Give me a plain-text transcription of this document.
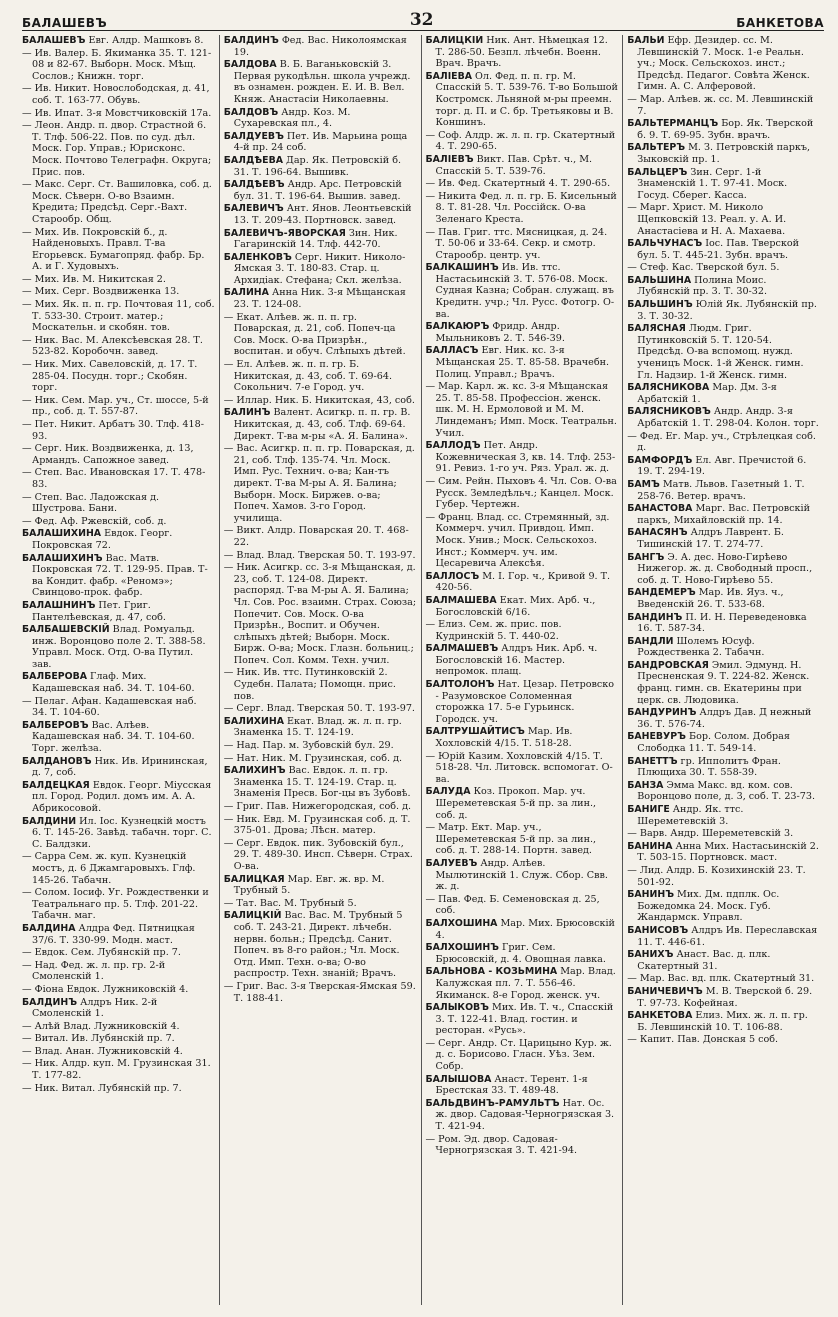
БАЛАШЕВЪ	32	БАНКЕТОВА
БАЛАШЕВЪ Евг. Алдр. Машковъ 8.
— Ив. Валер. Б. Якиманка 35. Т. 121-08 и 82-67. Выборн. Моск. Мѣщ. Сослов.; Книжн. торг.
— Ив. Никит. Новослободская, д. 41, соб. Т. 163-77. Обувь.
— Ив. Ипат. 3-я Мовстчиковскій 17а.
— Леон. Андр. п. двор. Страстной 6. Т. Тлф. 506-22. Пов. по суд. дѣл. Моск. Гор. Управ.; Юрисконс. Моск. Почтово Телеграфн. Округа; Прис. пов.
— Макс. Серг. Ст. Вашиловка, соб. д. Моск. Сѣверн. О-во Взаимн. Кредита; Предсѣд. Серг.-Вахт. Старообр. Общ.
— Мих. Ив. Покровскій б., д. Найденовыхъ. Правл. Т-ва Егорьевск. Бумагопряд. фабр. Бр. А. и Г. Худовыхъ.
— Мих. Ив. М. Никитская 2.
— Мих. Серг. Воздвиженка 13.
— Мих. Як. п. п. гр. Почтовая 11, соб. Т. 533-30. Строит. матер.; Москательн. и скобян. тов.
— Ник. Вас. М. Алексѣевская 28. Т. 523-82. Коробочн. завед.
— Ник. Мих. Савеловскій, д. 17. Т. 285-04. Посудн. торг.; Скобян. торг.
— Ник. Сем. Мар. уч., Ст. шоссе, 5-й пр., соб. д. Т. 557-87.
— Пет. Никит. Арбатъ 30. Тлф. 418-93.
— Серг. Ник. Воздвиженка, д. 13, Армандъ. Сапожное завед.
— Степ. Вас. Ивановская 17. Т. 478-83.
— Степ. Вас. Ладожская д. Шустрова. Бани.
— Фед. Аф. Ржевскій, соб. д.
БАЛАШИХИНА Евдок. Георг. Покровская 72.
БАЛАШИХИНЪ Вас. Матв. Покровская 72. Т. 129-95. Прав. Т-ва Кондит. фабр. «Реномэ»; Свинцово-прок. фабр.
БАЛАШНИНЪ Пет. Григ. Пантелѣевская, д. 47, соб.
БАЛБАШЕВСКІЙ Влад. Ромуальд. инж. Воронцово поле 2. Т. 388-58. Управл. Моск. Отд. О-ва Путил. зав.
БАЛБЕРОВА Глаф. Мих. Кадашевская наб. 34. Т. 104-60.
— Пелаг. Афан. Кадашевская наб. 34. Т. 104-60.
БАЛБЕРОВЪ Вас. Алѣев. Кадашевская наб. 34. Т. 104-60. Торг. желѣза.
БАЛДАНОВЪ Ник. Ив. Ирининская, д. 7, соб.
БАЛДЕЦКАЯ Евдок. Георг. Міусская пл. Город. Родил. домъ им. А. А. Абрикосовой.
БАЛДИНИ Ил. Іос. Кузнецкій мостъ 6. Т. 145-26. Завѣд. табачн. торг. С. С. Балдзки.
— Сарра Сем. ж. куп. Кузнецкій мостъ, д. 6 Джамгаровыхъ. Глф. 145-26. Табачн.
— Солом. Іосиф. Уг. Рождественки и Театральнаго пр. 5. Тлф. 201-22. Табачн. маг.
БАЛДИНА Алдра Фед. Пятницкая 37/6. Т. 330-99. Модн. маст.
— Евдок. Сем. Лубянскій пр. 7.
— Над. Фед. ж. л. пр. гр. 2-й Смоленскій 1.
— Фіона Евдок. Лужниковскій 4.
БАЛДИНЪ Алдръ Ник. 2-й Смоленскій 1.
— Алѣй Влад. Лужниковскій 4.
— Витал. Ив. Лубянскій пр. 7.
— Влад. Анан. Лужниковскій 4.
— Ник. Алдр. куп. М. Грузинская 31. Т. 177-82.
— Ник. Витал. Лубянскій пр. 7.
БАЛДИНЪ Фед. Вас. Николоямская 19.
БАЛДОВА В. Б. Ваганьковскій 3. Первая рукодѣльн. школа учрежд. въ ознамен. рожден. Е. И. В. Вел. Княж. Анастасіи Николаевны.
БАЛДОВЪ Андр. Коз. М. Сухаревская пл., 4.
БАЛДУЕВЪ Пет. Ив. Марьина роща 4-й пр. 24 соб.
БАЛДѢЕВА Дар. Як. Петровскій б. 31. Т. 196-64. Вышивк.
БАЛДѢЕВЪ Андр. Арс. Петровскій бул. 31. Т. 196-64. Вышив. завед.
БАЛЕВИЧЪ Ант. Янов. Леонтьевскій 13. Т. 209-43. Портновск. завед.
БАЛЕВИЧЪ-ЯВОРСКАЯ Зин. Ник. Гагаринскій 14. Тлф. 442-70.
БАЛЕНКОВЪ Серг. Никит. Николо-Ямская 3. Т. 180-83. Стар. ц. Архидіак. Стефана; Скл. желѣза.
БАЛИНА Анна Ник. 3-я Мѣщанская 23. Т. 124-08.
— Екат. Алѣев. ж. п. п. гр. Поварская, д. 21, соб. Попеч-ца Сов. Моск. О-ва Призрѣн., воспитан. и обуч. Слѣпыхъ дѣтей.
— Ел. Алѣев. ж. п. п. гр. Б. Никитская, д. 43, соб. Т. 69-64. Сокольнич. 7-е Город. уч.
— Иллар. Ник. Б. Никитская, 43, соб.
БАЛИНЪ Валент. Асигкр. п. п. гр. В. Никитская, д. 43, соб. Тлф. 69-64. Директ. Т-ва м-ры «А. Я. Балина».
— Вас. Асигкр. п. п. гр. Поварская, д. 21, соб. Тлф. 135-74. Чл. Моск. Имп. Рус. Технич. о-ва; Кан-тъ директ. Т-ва М-ры А. Я. Балина; Выборн. Моск. Биржев. о-ва; Попеч. Хамов. 3-го Город. училища.
— Викт. Алдр. Поварская 20. Т. 468-22.
— Влад. Влад. Тверская 50. Т. 193-97.
— Ник. Асигкр. сс. 3-я Мѣщанская, д. 23, соб. Т. 124-08. Директ. распоряд. Т-ва М-ры А. Я. Балина; Чл. Сов. Рос. взаимн. Страх. Союза; Попечит. Сов. Моск. О-ва Призрѣн., Воспит. и Обучен. слѣпыхъ дѣтей; Выборн. Моск. Бирж. О-ва; Моск. Глазн. больниц.; Попеч. Сол. Комм. Техн. учил.
— Ник. Ив. ттс. Путинковскій 2. Судебн. Палата; Помощн. прис. пов.
— Серг. Влад. Тверская 50. Т. 193-97.
БАЛИХИНА Екат. Влад. ж. л. п. гр. Знаменка 15. Т. 124-19.
— Над. Пар. м. Зубовскій бул. 29.
— Нат. Ник. М. Грузинская, соб. д.
БАЛИХИНЪ Вас. Евдок. л. п. гр. Знаменка 15. Т. 124-19. Стар. ц. Знаменія Пресв. Бог-цы въ Зубовѣ.
— Григ. Пав. Нижегородская, соб. д.
— Ник. Евд. М. Грузинская соб. д. Т. 375-01. Дрова; Лѣсн. матер.
— Серг. Евдок. пик. Зубовскій бул., 29. Т. 489-30. Инсп. Сѣверн. Страх. О-ва.
БАЛИЦКАЯ Мар. Евг. ж. вр. М. Трубный 5.
— Тат. Вас. М. Трубный 5.
БАЛИЦКІЙ Вас. Вас. М. Трубный 5 соб. Т. 243-21. Директ. лѣчебн. нервн. больн.; Предсѣд. Санит. Попеч. въ 8-го район.; Чл. Моск. Отд. Имп. Техн. о-ва; О-во распростр. Техн. знаній; Врачъ.
— Григ. Вас. 3-я Тверская-Ямская 59. Т. 188-41.
БАЛИЦКІЙ Ник. Ант. Нѣмецкая 12. Т. 286-50. Безпл. лѣчебн. Военн. Врач. Врачъ.
БАЛІЕВА Ол. Фед. п. п. гр. М. Спасскій 5. Т. 539-76. Т-во Большой Костромск. Льняной м-ры преемн. торг. д. П. и С. бр. Третьяковы и В. Коншинъ.
— Соф. Алдр. ж. л. п. гр. Скатертный 4. Т. 290-65.
БАЛІЕВЪ Викт. Пав. Срѣт. ч., М. Спасскій 5. Т. 539-76.
— Ив. Фед. Скатертный 4. Т. 290-65.
— Никита Фед. л. п. гр. Б. Кисельный 8. Т. 81-28. Чл. Россійск. О-ва Зеленаго Креста.
— Пав. Григ. ттс. Мясницкая, д. 24. Т. 50-06 и 33-64. Секр. и смотр. Старообр. центр. уч.
БАЛКАШИНЪ Ив. Ив. ттс. Настасьинскій 3. Т. 576-08. Моск. Судная Казна; Собран. служащ. въ Кредитн. учр.; Чл. Русс. Фотогр. О-ва.
БАЛКАЮРЪ Фридр. Андр. Мыльниковъ 2. Т. 546-39.
БАЛЛАСЪ Евг. Ник. кс. 3-я Мѣщанская 25. Т. 85-58. Врачебн. Полиц. Управл.; Врачъ.
— Мар. Карл. ж. кс. 3-я Мѣщанская 25. Т. 85-58. Профессіон. женск. шк. М. Н. Ермоловой и М. М. Линдеманъ; Имп. Моск. Театральн. Учил.
БАЛЛОДЪ Пет. Андр. Кожевническая 3, кв. 14. Тлф. 253-91. Ревиз. 1-го уч. Ряз. Урал. ж. д.
— Сим. Рейн. Пыховъ 4. Чл. Сов. О-ва Русск. Земледѣльч.; Канцел. Моск. Губер. Чертежн.
— Франц. Влад. сс. Стремянный, зд. Коммерч. учил. Привдоц. Имп. Моск. Унив.; Моск. Сельскохоз. Инст.; Коммерч. уч. им. Цесаревича Алексѣя.
БАЛЛОСЪ М. І. Гор. ч., Кривой 9. Т. 420-56.
БАЛМАШЕВА Екат. Мих. Арб. ч., Богословскій 6/16.
— Елиз. Сем. ж. прис. пов. Кудринскій 5. Т. 440-02.
БАЛМАШЕВЪ Алдръ Ник. Арб. ч. Богословскій 16. Мастер. непромок. плащ.
БАЛТОЛОНЪ Нат. Цезар. Петровско - Разумовское Соломенная сторожка 17. 5-е Гурьинск. Городск. уч.
БАЛТРУШАЙТИСЪ Мар. Ив. Хохловскій 4/15. Т. 518-28.
— Юрій Казим. Хохловскій 4/15. Т. 518-28. Чл. Литовск. вспомогат. О-ва.
БАЛУДА Коз. Прокоп. Мар. уч. Шереметевская 5-й пр. за лин., соб. д.
— Матр. Ект. Мар. уч., Шереметевская 5-й пр. за лин., соб. д. Т. 288-14. Портн. завед.
БАЛУЕВЪ Андр. Алѣев. Мылютинскій 1. Служ. Сбор. Свв. ж. д.
— Пав. Фед. Б. Семеновская д. 25, соб.
БАЛХОШИНА Мар. Мих. Брюсовскій 4.
БАЛХОШИНЪ Григ. Сем. Брюсовскій, д. 4. Овощная лавка.
БАЛЬНОВА - КОЗЬМИНА Мар. Влад. Калужская пл. 7. Т. 556-46. Якиманск. 8-е Город. женск. уч.
БАЛЫКОВЪ Мих. Ив. Т. ч., Спасскій 3. Т. 122-41. Влад. гостин. и ресторан. «Русь».
— Серг. Андр. Ст. Царицыно Кур. ж. д. с. Борисово. Гласн. Уѣз. Зем. Собр.
БАЛЫШОВА Анаст. Терент. 1-я Брестская 33. Т. 489-48.
БАЛЬДВИНЪ-РАМУЛЬТЪ Нат. Ос. ж. двор. Садовая-Черногрязская 3. Т. 421-94.
— Ром. Эд. двор. Садовая-Черногрязская 3. Т. 421-94.
БАЛЬИ Ефр. Дезидер. сс. М. Левшинскій 7. Моск. 1-е Реальн. уч.; Моск. Сельскохоз. инст.; Предсѣд. Педагог. Совѣта Женск. Гимн. А. С. Алферовой.
— Мар. Алѣев. ж. сс. М. Левшинскій 7.
БАЛЬТЕРМАНЦЪ Бор. Як. Тверской б. 9. Т. 69-95. Зубн. врачъ.
БАЛЬТЕРЪ М. З. Петровскій паркъ, Зыковскій пр. 1.
БАЛЬЦЕРЪ Зин. Серг. 1-й Знаменскій 1. Т. 97-41. Моск. Госуд. Сберег. Касса.
— Марг. Христ. М. Николо Щепковскій 13. Реал. у. А. И. Анастасіева и Н. А. Махаева.
БАЛЬЧУНАСЪ Іос. Пав. Тверской бул. 5. Т. 445-21. Зубн. врачъ.
— Стеф. Кас. Тверской бул. 5.
БАЛЬШИНА Полина Моис. Лубянскій пр. 3. Т. 30-32.
БАЛЬШИНЪ Юлій Як. Лубянскій пр. 3. Т. 30-32.
БАЛЯСНАЯ Людм. Григ. Путинковскій 5. Т. 120-54. Предсѣд. О-ва вспомощ. нужд. ученицъ Моск. 1-й Женск. гимн. Гл. Надзир. 1-й Женск. гимн.
БАЛЯСНИКОВА Мар. Дм. 3-я Арбатскій 1.
БАЛЯСНИКОВЪ Андр. Андр. 3-я Арбатскій 1. Т. 298-04. Колон. торг.
— Фед. Ег. Мар. уч., Стрѣлецкая соб. д.
БАМФОРДЪ Ел. Авг. Пречистой 6. 19. Т. 294-19.
БАМЪ Матв. Львов. Газетный 1. Т. 258-76. Ветер. врачъ.
БАНАСТОВА Марг. Вас. Петровскій паркъ, Михайловскій пр. 14.
БАНАСЯНЪ Алдръ Лаврент. Б. Тишинскій 17. Т. 274-77.
БАНГЪ Э. А. дес. Ново-Гирѣево Нижегор. ж. д. Свободный просп., соб. д. Т. Ново-Гирѣево 55.
БАНДЕМЕРЪ Мар. Ив. Яуз. ч., Введенскій 26. Т. 533-68.
БАНДИНЪ П. И. Н. Переведеновка 16. Т. 587-34.
БАНДЛИ Шолемъ Юсуф. Рождественка 2. Табачн.
БАНДРОВСКАЯ Эмил. Эдмунд. Н. Пресненская 9. Т. 224-82. Женск. франц. гимн. св. Екатерины при церк. св. Людовика.
БАНДУРИНЪ Алдръ Дав. Д нежный 36. Т. 576-74.
БАНЕВУРЪ Бор. Солом. Добрая Слободка 11. Т. 549-14.
БАНЕТТЪ гр. Ипполитъ Фран. Плющиха 30. Т. 558-39.
БАНЗА Эмма Макс. вд. ком. сов. Воронцово поле, д. 3, соб. Т. 23-73.
БАНИГЕ Андр. Як. ттс. Шереметевскій 3.
— Варв. Андр. Шереметевскій 3.
БАНИНА Анна Мих. Настасьинскій 2. Т. 503-15. Портновск. маст.
— Лид. Алдр. Б. Козихинскій 23. Т. 501-92.
БАНИНЪ Мих. Дм. пдплк. Ос. Божедомка 24. Моск. Губ. Жандармск. Управл.
БАНИСОВЪ Алдръ Ив. Переславская 11. Т. 446-61.
БАНИХЪ Анаст. Вас. д. плк. Скатертный 31.
— Мар. Вас. вд. плк. Скатертный 31.
БАНИЧЕВИЧЪ М. В. Тверской б. 29. Т. 97-73. Кофейная.
БАНКЕТОВА Елиз. Мих. ж. л. п. гр. Б. Левшинскій 10. Т. 106-88.
— Капит. Пав. Донская 5 соб.
